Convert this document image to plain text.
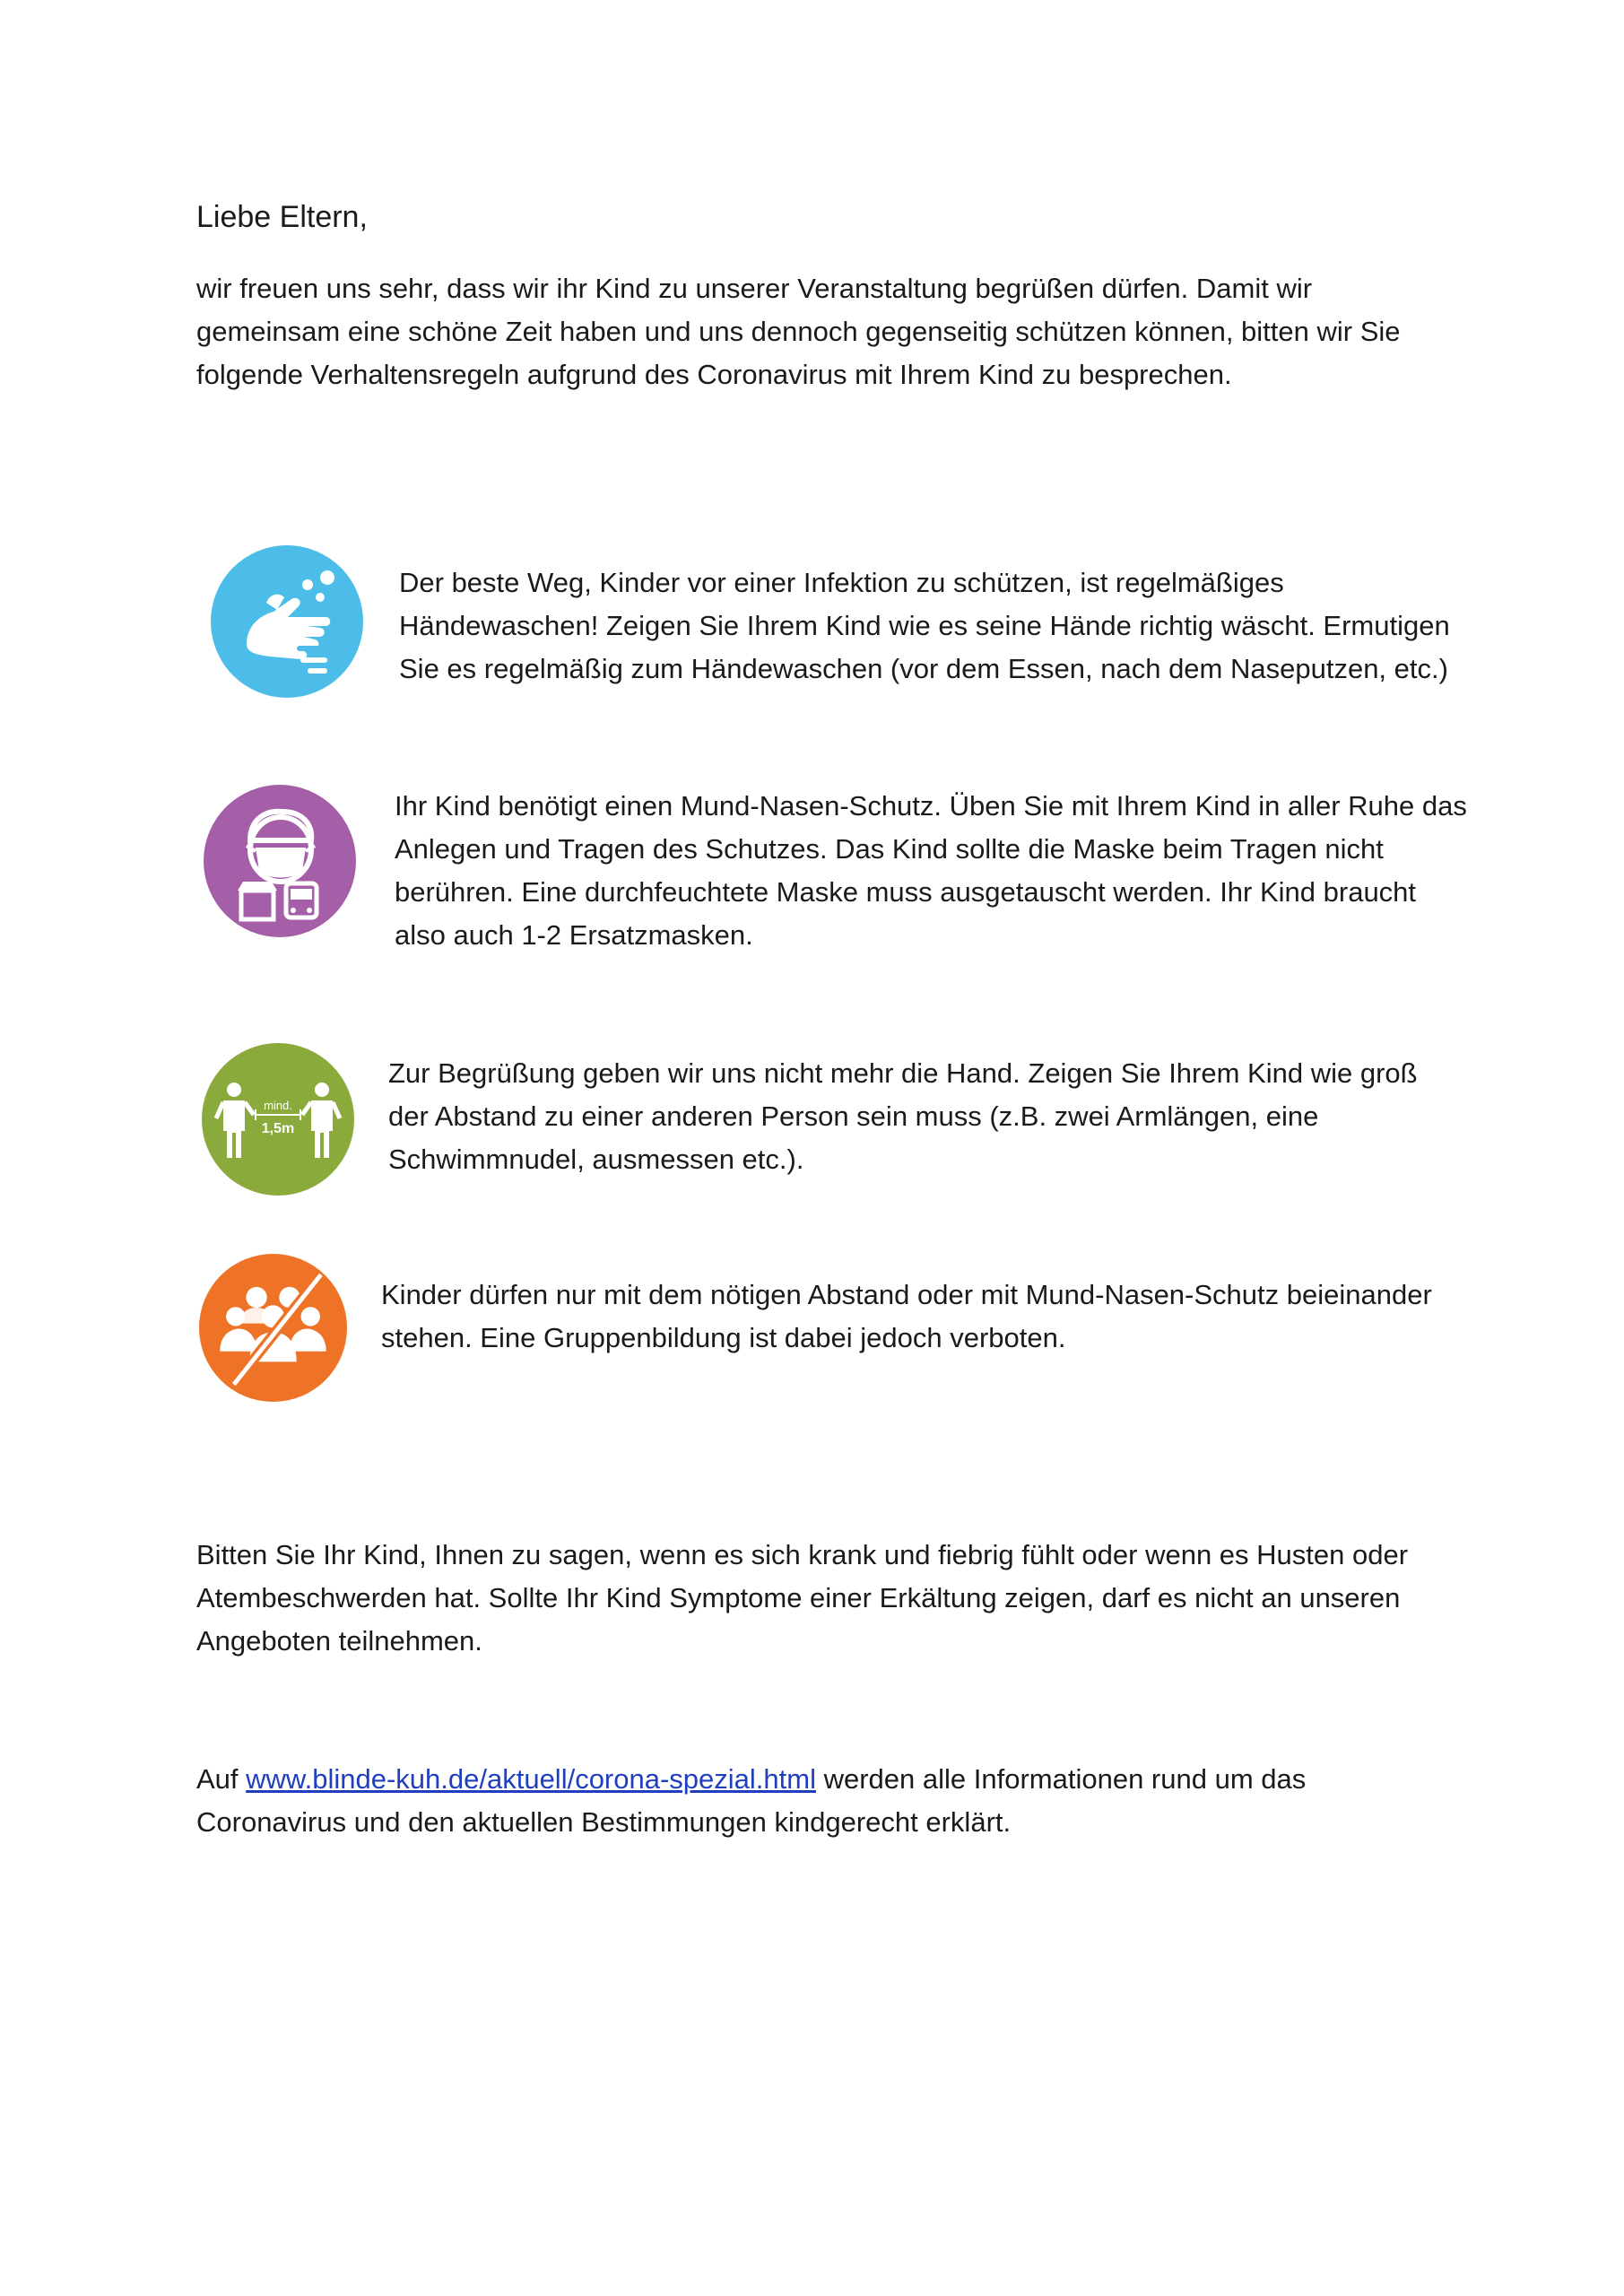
Liebe Eltern,

wir freuen uns sehr, dass wir ihr Kind zu unserer Veranstaltung begrüßen dürfen. Damit wir gemeinsam eine schöne Zeit haben und uns dennoch gegenseitig schützen können, bitten wir Sie folgende Verhaltensregeln aufgrund des Coronavirus mit Ihrem Kind zu besprechen.

Der beste Weg, Kinder vor einer Infektion zu schützen, ist regelmäßiges Händewaschen! Zeigen Sie Ihrem Kind wie es seine Hände richtig wäscht. Ermutigen Sie es regelmäßig zum Händewaschen (vor dem Essen, nach dem Naseputzen, etc.)

Ihr Kind benötigt einen Mund-Nasen-Schutz. Üben Sie mit Ihrem Kind in aller Ruhe das Anlegen und Tragen des Schutzes. Das Kind sollte die Maske beim Tragen nicht berühren. Eine durchfeuchtete Maske muss ausgetauscht werden. Ihr Kind braucht also auch 1-2 Ersatzmasken.

mind.
1,5m

Zur Begrüßung geben wir uns nicht mehr die Hand. Zeigen Sie Ihrem Kind wie groß der Abstand zu einer anderen Person sein muss (z.B. zwei Armlängen, eine Schwimmnudel, ausmessen etc.).

Kinder dürfen nur mit dem nötigen Abstand oder mit Mund-Nasen-Schutz beieinander stehen. Eine Gruppenbildung ist dabei jedoch verboten.

Bitten Sie Ihr Kind, Ihnen zu sagen, wenn es sich krank und fiebrig fühlt oder wenn es Husten oder Atembeschwerden hat. Sollte Ihr Kind Symptome einer Erkältung zeigen, darf es nicht an unseren Angeboten teilnehmen.

Auf www.blinde-kuh.de/aktuell/corona-spezial.html werden alle Informationen rund um das Coronavirus und den aktuellen Bestimmungen kindgerecht erklärt.
